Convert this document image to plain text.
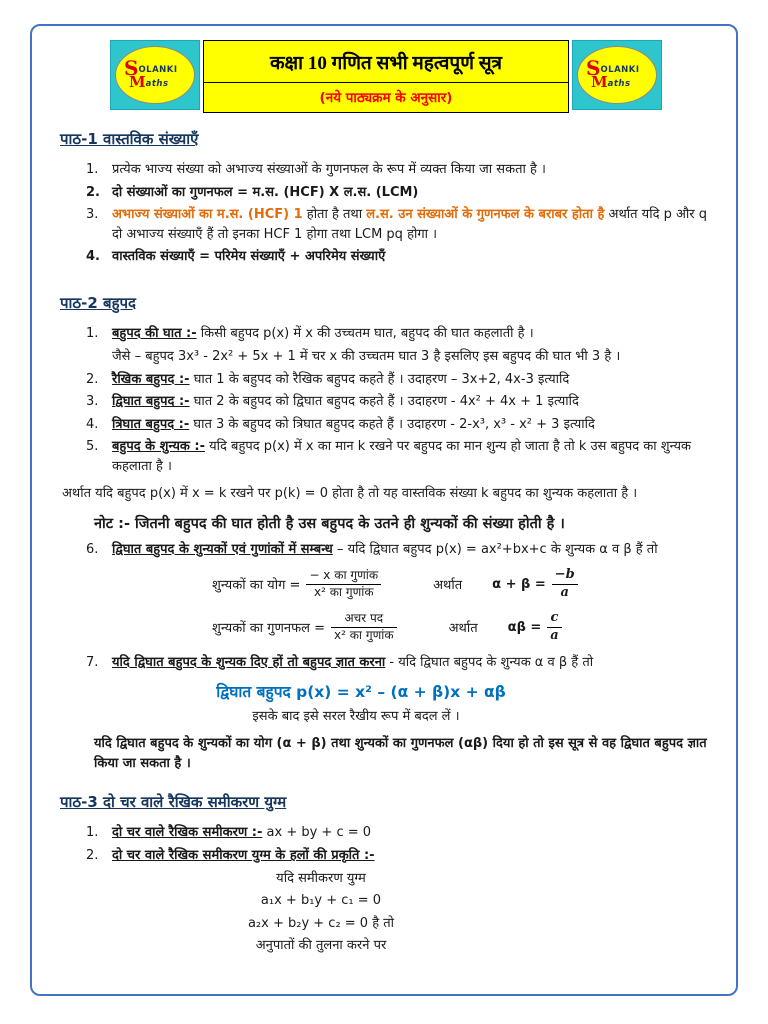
SOLANKI
Maths
कक्षा 10 गणित सभी महत्वपूर्ण सूत्र
(नये पाठ्यक्रम के अनुसार)
SOLANKI
Maths
पाठ-1 वास्तविक संख्याएँ
1.	प्रत्येक भाज्य संख्या को अभाज्य संख्याओं के गुणनफल के रूप में व्यक्त किया जा सकता है ।
2. दो संख्याओं का गुणनफल = म.स. (HCF) X ल.स. (LCM)
3.	अभाज्य संख्याओं का म.स. (HCF) 1 होता है तथा ल.स. उन संख्याओं के गुणनफल के बराबर होता है अर्थात यदि p और q दो अभाज्य संख्याएँ हैं तो इनका HCF 1 होगा तथा LCM pq होगा ।
4. वास्तविक संख्याएँ = परिमेय संख्याएँ + अपरिमेय संख्याएँ
पाठ-2 बहुपद
1.	बहुपद की घात :- किसी बहुपद p(x) में x की उच्चतम घात, बहुपद की घात कहलाती है ।
जैसे – बहुपद 3x³ - 2x² + 5x + 1 में चर x की उच्चतम घात 3 है इसलिए इस बहुपद की घात भी 3 है ।
2.	रैखिक बहुपद :- घात 1 के बहुपद को रैखिक बहुपद कहते हैं । उदाहरण – 3x+2, 4x-3 इत्यादि
3.	द्विघात बहुपद :- घात 2 के बहुपद को द्विघात बहुपद कहते हैं । उदाहरण - 4x² + 4x + 1 इत्यादि
4.	त्रिघात बहुपद :- घात 3 के बहुपद को त्रिघात बहुपद कहते हैं । उदाहरण - 2-x³, x³ - x² + 3 इत्यादि
5.	बहुपद के शुन्यक :- यदि बहुपद p(x) में x का मान k रखने पर बहुपद का मान शुन्य हो जाता है तो k उस बहुपद का शुन्यक कहलाता है ।

अर्थात यदि बहुपद p(x) में x = k रखने पर p(k) = 0 होता है तो यह वास्तविक संख्या k बहुपद का शुन्यक कहलाता है ।

नोट :- जितनी बहुपद की घात होती है उस बहुपद के उतने ही शुन्यकों की संख्या होती है ।
6.	द्विघात बहुपद के शुन्यकों एवं गुणांकों में सम्बन्ध – यदि द्विघात बहुपद p(x) = ax²+bx+c के शुन्यक α व β हैं तो
शुन्यकों का योग = $\frac{\text{− x का गुणांक}}{\text{x² का गुणांक}}$	अर्थात $\alpha + \beta = \frac{-b}{a}$
शुन्यकों का गुणनफल = $\frac{\text{अचर पद}}{\text{x² का गुणांक}}$	अर्थात $\alpha\beta = \frac{c}{a}$
7.	यदि द्विघात बहुपद के शुन्यक दिए हों तो बहुपद ज्ञात करना - यदि द्विघात बहुपद के शुन्यक α व β हैं तो
द्विघात बहुपद p(x) = x² – (α + β)x + αβ
इसके बाद इसे सरल रैखीय रूप में बदल लें ।

यदि द्विघात बहुपद के शुन्यकों का योग (α + β) तथा शुन्यकों का गुणनफल (αβ) दिया हो तो इस सूत्र से वह द्विघात बहुपद ज्ञात किया जा सकता है ।

पाठ-3 दो चर वाले रैखिक समीकरण युग्म
1.	दो चर वाले रैखिक समीकरण :- ax + by + c = 0
2.	दो चर वाले रैखिक समीकरण युग्म के हलों की प्रकृति :-
यदि समीकरण युग्म
a₁x + b₁y + c₁ = 0
a₂x + b₂y + c₂ = 0 है तो
अनुपातों की तुलना करने पर
